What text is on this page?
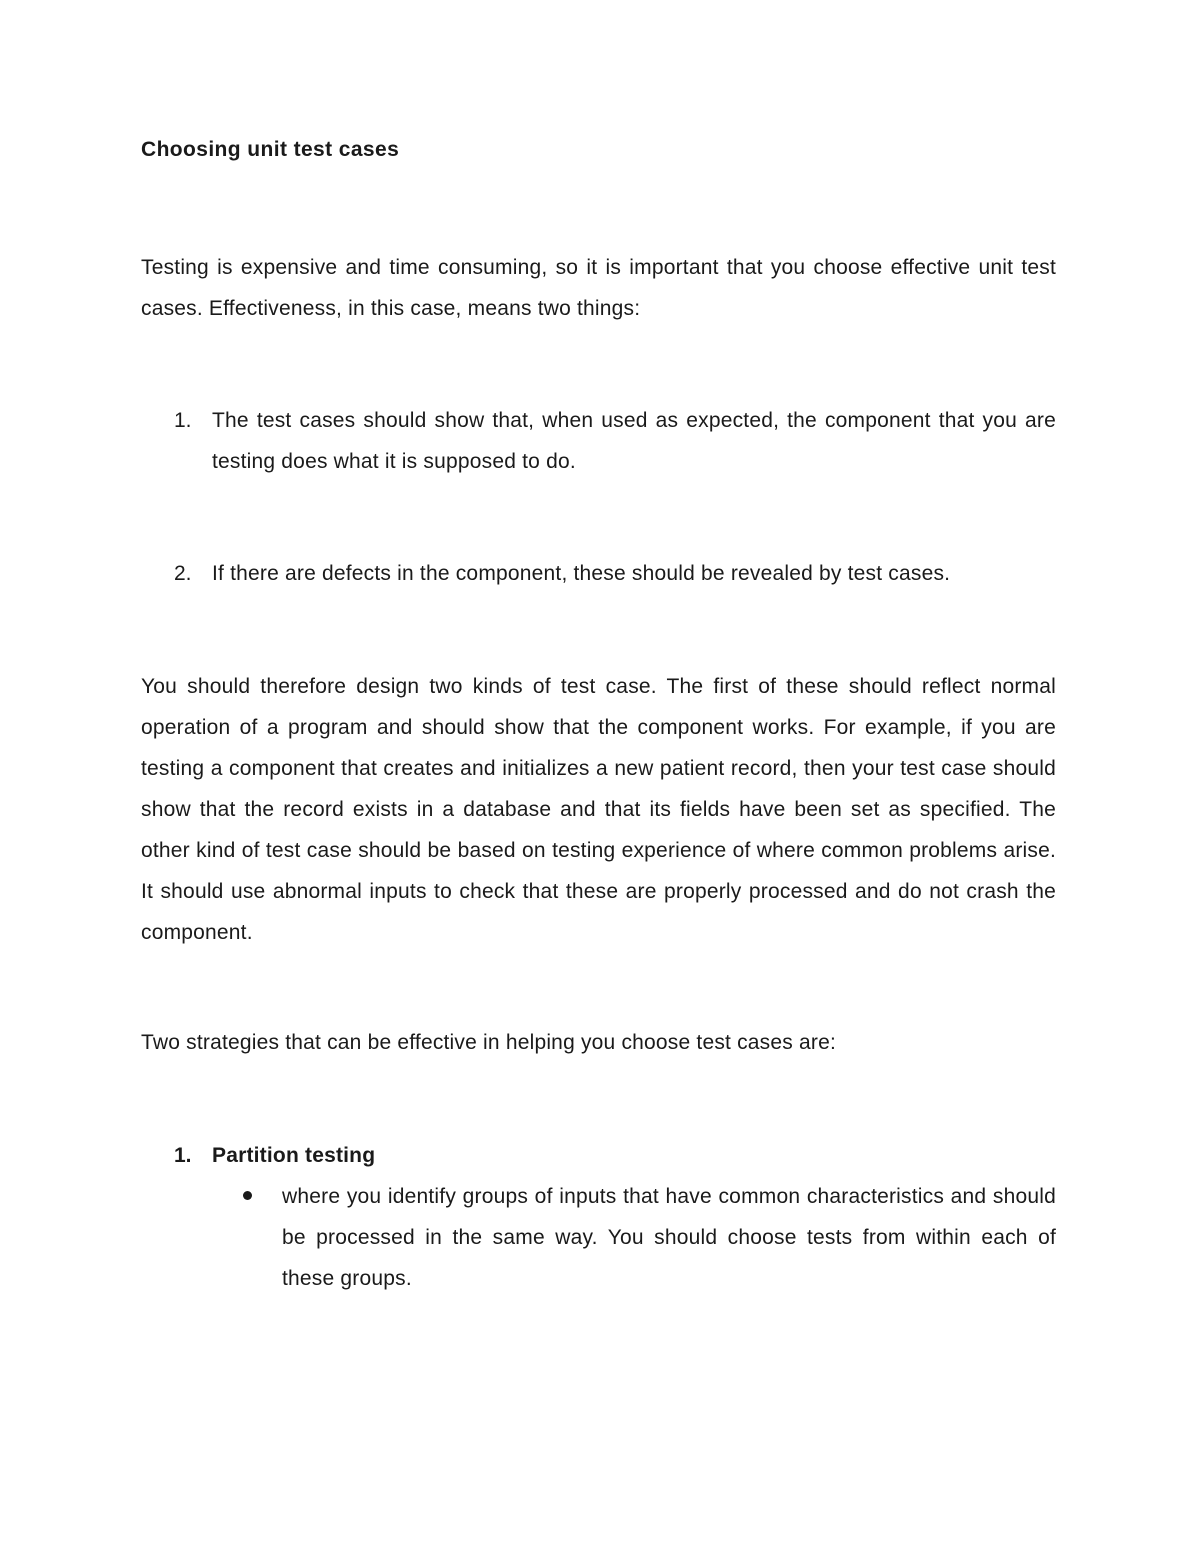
Choosing unit test cases

Testing is expensive and time consuming, so it is important that you choose effective unit test cases. Effectiveness, in this case, means two things:

1. The test cases should show that, when used as expected, the component that you are testing does what it is supposed to do.

2. If there are defects in the component, these should be revealed by test cases.

You should therefore design two kinds of test case. The first of these should reflect normal operation of a program and should show that the component works. For example, if you are testing a component that creates and initializes a new patient record, then your test case should show that the record exists in a database and that its fields have been set as specified. The other kind of test case should be based on testing experience of where common problems arise. It should use abnormal inputs to check that these are properly processed and do not crash the component.

Two strategies that can be effective in helping you choose test cases are:

1. Partition testing

where you identify groups of inputs that have common characteristics and should be processed in the same way. You should choose tests from within each of these groups.
